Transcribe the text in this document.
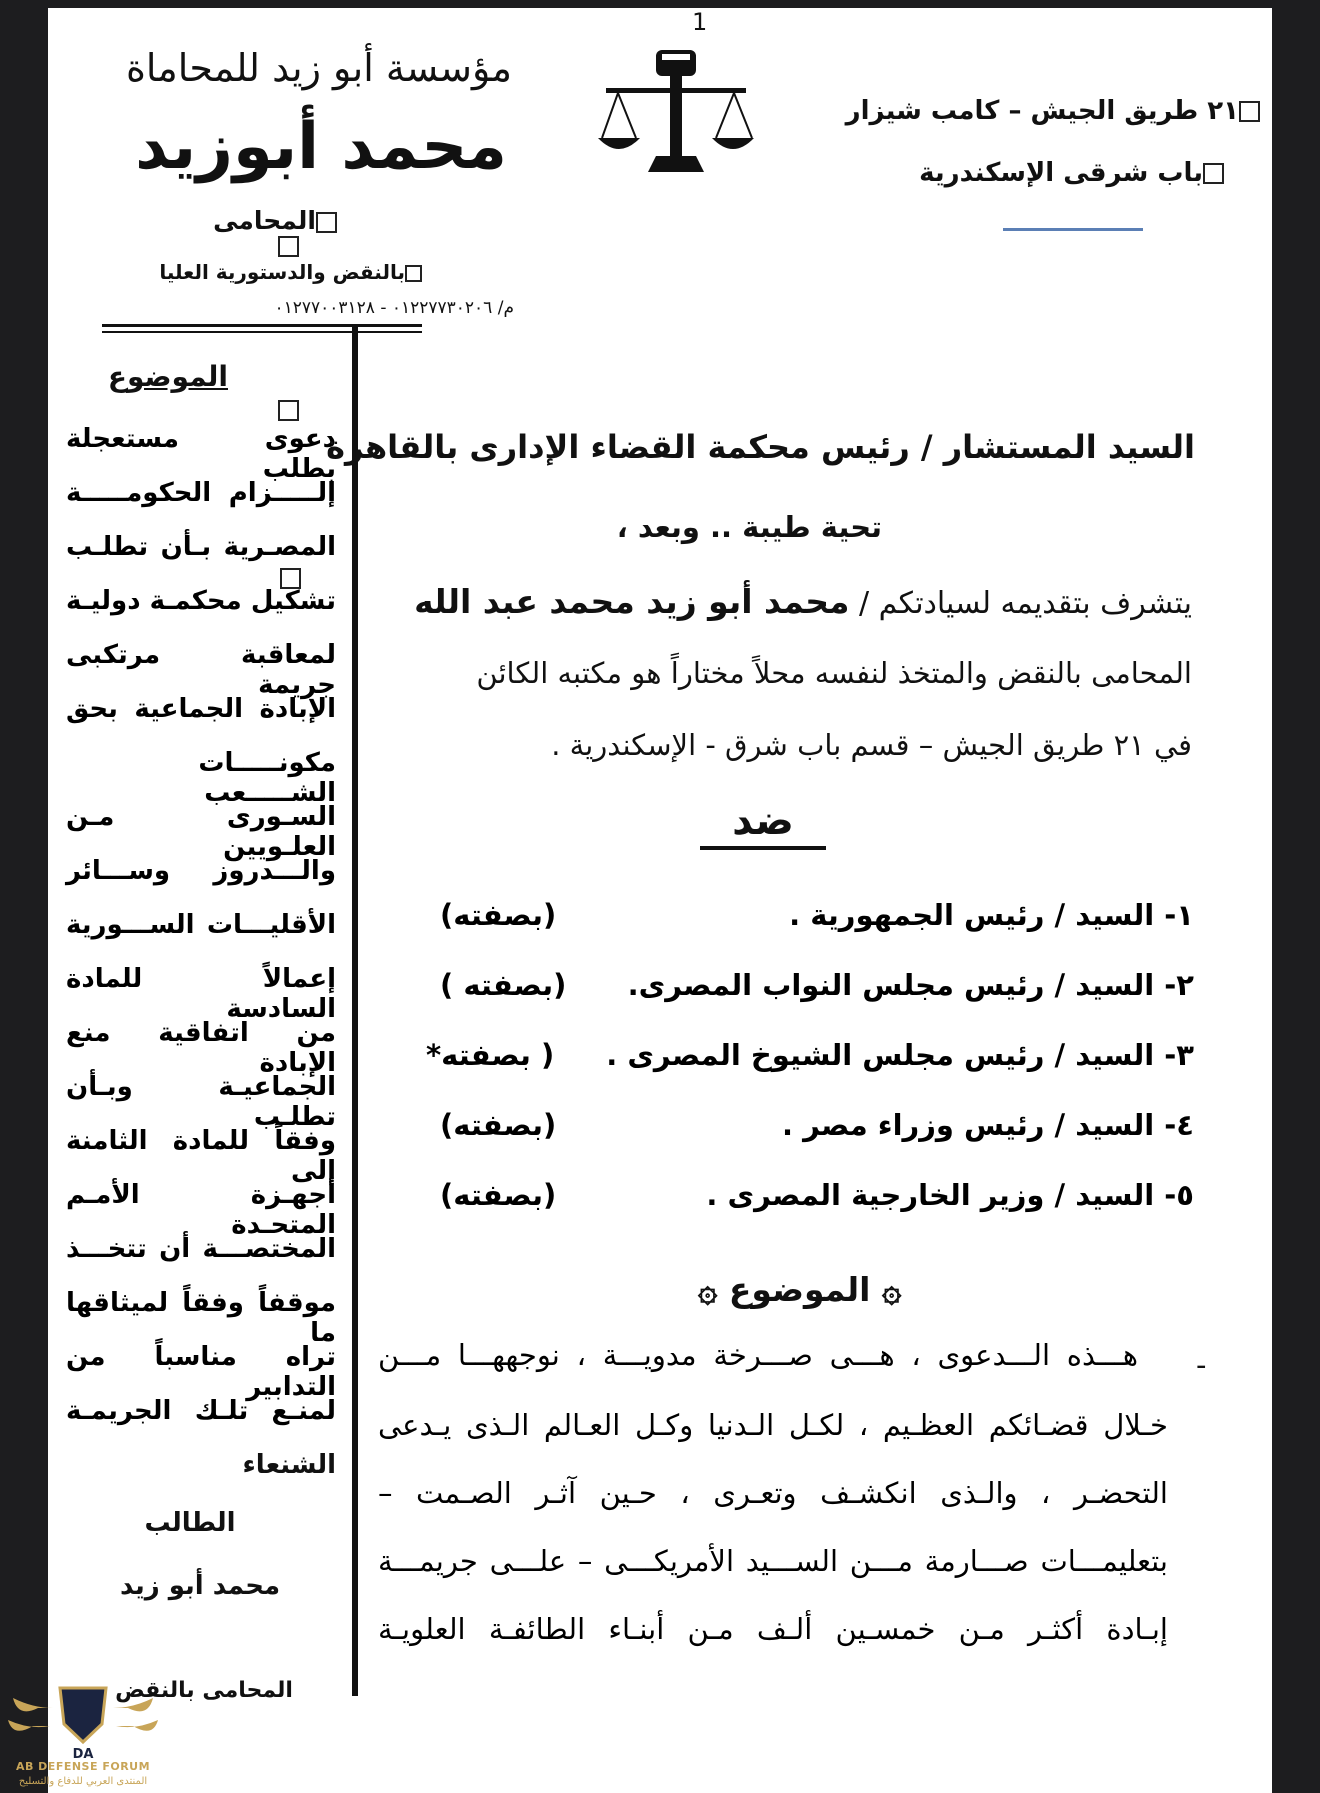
1
٢١ طريق الجيش – كامب شيزار
باب شرقى الإسكندرية
مؤسسة أبو زيد للمحاماة
محمد أبوزيد
المحامى
بالنقض والدستورية العليا
م/ ٠١٢٢٧٧٣٠٢٠٦ - ٠١٢٧٧٠٠٣١٢٨
الموضوع
دعوى مستعجلة بطلب
إلـــــزام الحكومـــــة
المصـرية بـأن تطلـب
تشكيل محكمـة دوليـة
لمعاقبة مرتكبى جريمة
الإبادة الجماعية بحق
مكونـــــات الشـــــعب
السـورى مـن العلـويين
والـــدروز وســـائر
الأقليـــات الســـورية
إعمالاً للمادة السادسة
من اتفاقية منع الإبادة
الجماعيـة وبـأن تطلـب
وفقاً للمادة الثامنة إلى
أجهـزة الأمـم المتحـدة
المختصـــة أن تتخـــذ
موقفاً وفقاً لميثاقها ما
تراه مناسباً من التدابير
لمنـع تلـك الجريمـة
الشنعاء
الطالب
محمد أبو زيد
المحامى بالنقض
السيد المستشار / رئيس محكمة القضاء الإدارى بالقاهرة
تحية طيبة .. وبعد ،
يتشرف بتقديمه لسيادتكم / محمد أبو زيد محمد عبد الله
المحامى بالنقض والمتخذ لنفسه محلاً مختاراً هو مكتبه الكائن
في ٢١ طريق الجيش – قسم باب شرق - الإسكندرية .
ضد
١- السيد / رئيس الجمهورية .
(بصفته)
٢- السيد / رئيس مجلس النواب المصرى.
(بصفته )
٣- السيد / رئيس مجلس الشيوخ المصرى .
( بصفته*
٤- السيد / رئيس وزراء مصر .
(بصفته)
٥- السيد / وزير الخارجية المصرى .
(بصفته)
۞ الموضوع ۞
-
هـــذه الـــدعوى ، هـــى صـــرخة مدويـــة ، نوجههـــا مـــن
خـلال قضـائكم العظـيم ، لكـل الـدنيا وكـل العـالم الـذى يـدعى
التحضـر ، والـذى انكشـف وتعـرى ، حـين آثـر الصـمت –
بتعليمـــات صـــارمة مـــن الســـيد الأمريكـــى – علـــى جريمـــة
إبـادة أكثـر مـن خمسـين ألـف مـن أبنـاء الطائفـة العلويـة
DA
AB DEFENSE FORUM
المنتدى العربي للدفاع والتسليح
